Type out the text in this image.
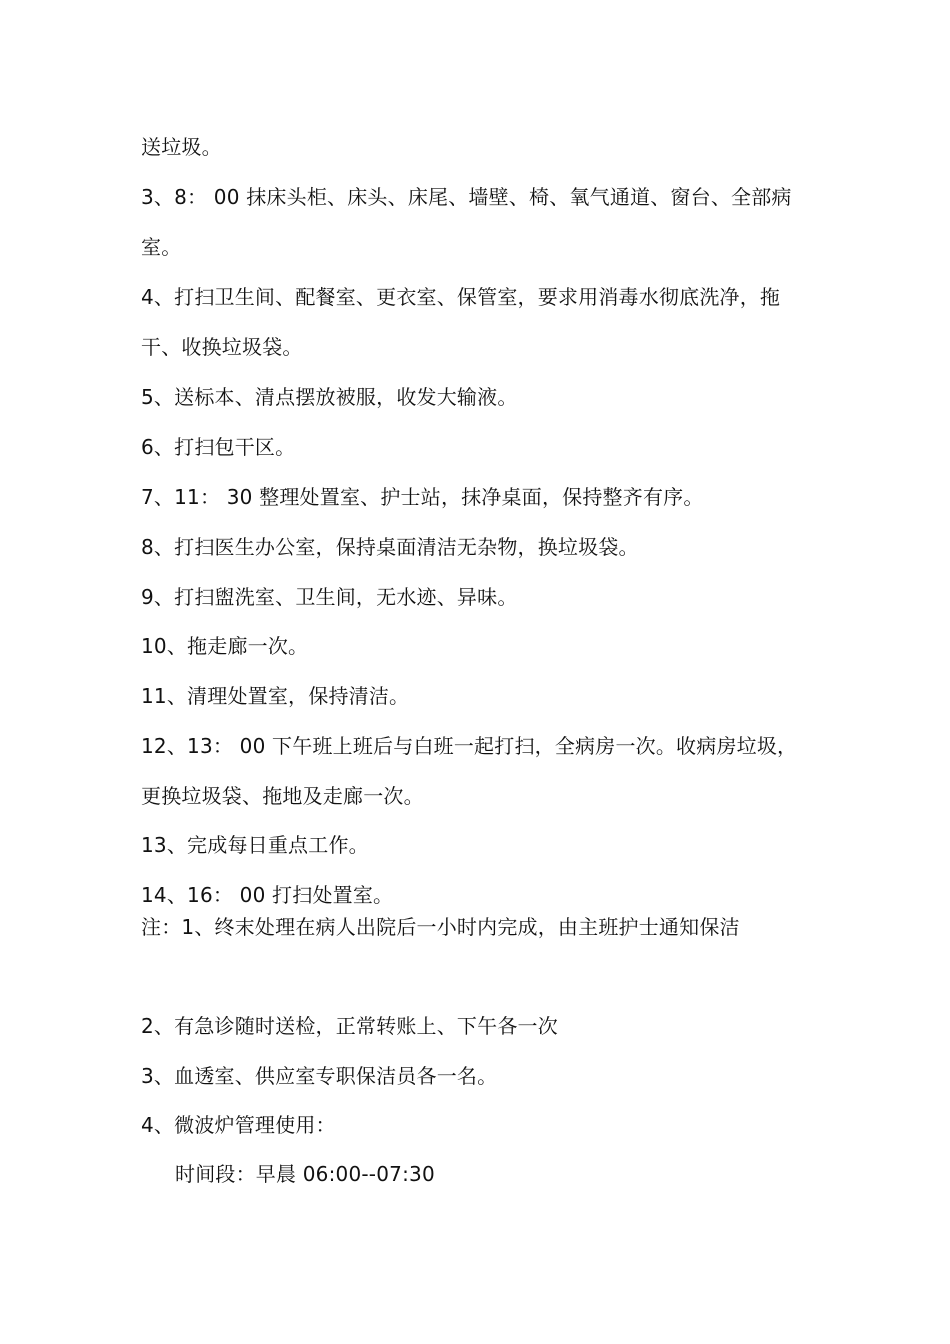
送垃圾。
3、8： 00 抹床头柜、床头、床尾、墙壁、椅、氧气通道、窗台、全部病
室。
4、打扫卫生间、配餐室、更衣室、保管室，要求用消毒水彻底洗净，拖
干、收换垃圾袋。
5、送标本、清点摆放被服，收发大输液。
6、打扫包干区。
7、11： 30 整理处置室、护士站，抹净桌面，保持整齐有序。
8、打扫医生办公室，保持桌面清洁无杂物，换垃圾袋。
9、打扫盥洗室、卫生间，无水迹、异味。
10、拖走廊一次。
11、清理处置室，保持清洁。
12、13： 00 下午班上班后与白班一起打扫，全病房一次。收病房垃圾，
更换垃圾袋、拖地及走廊一次。
13、完成每日重点工作。
14、16： 00 打扫处置室。
注：1、终末处理在病人出院后一小时内完成，由主班护士通知保洁
2、有急诊随时送检，正常转账上、下午各一次
3、血透室、供应室专职保洁员各一名。
4、微波炉管理使用：
时间段：早晨 06:00--07:30
